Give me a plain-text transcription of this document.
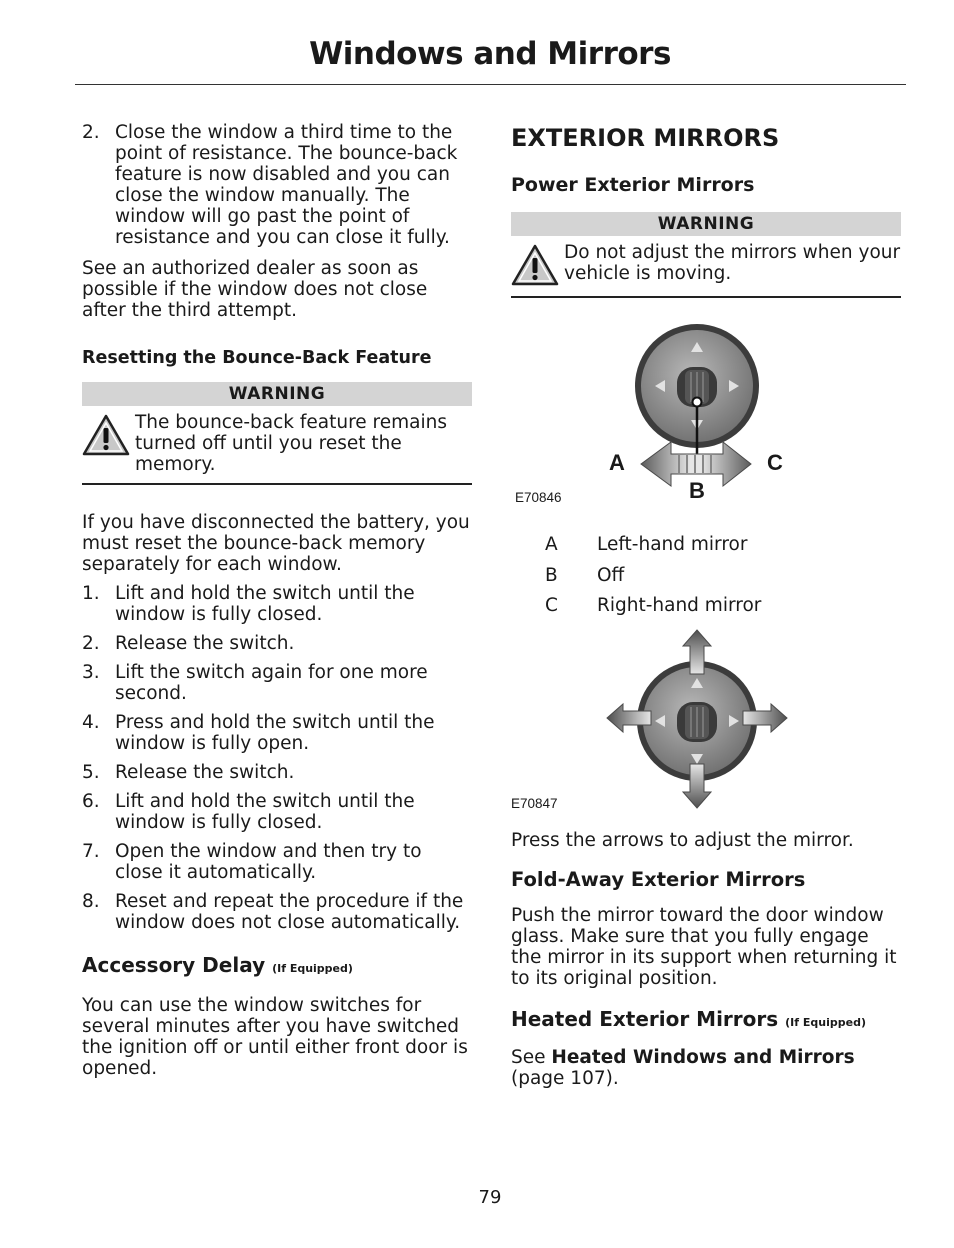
Windows and Mirrors
2. Close the window a third time to the point of resistance. The bounce-back feature is now disabled and you can close the window manually. The window will go past the point of resistance and you can close it fully.

See an authorized dealer as soon as possible if the window does not close after the third attempt.

Resetting the Bounce-Back Feature

WARNING
The bounce-back feature remains turned off until you reset the memory.

If you have disconnected the battery, you must reset the bounce-back memory separately for each window.

1. Lift and hold the switch until the window is fully closed.
2. Release the switch.
3. Lift the switch again for one more second.
4. Press and hold the switch until the window is fully open.
5. Release the switch.
6. Lift and hold the switch until the window is fully closed.
7. Open the window and then try to close it automatically.
8. Reset and repeat the procedure if the window does not close automatically.

Accessory Delay (If Equipped)

You can use the window switches for several minutes after you have switched the ignition off or until either front door is opened.

EXTERIOR MIRRORS

Power Exterior Mirrors

WARNING
Do not adjust the mirrors when your vehicle is moving.
A	C
B
E70846
A Left-hand mirror
B Off
C Right-hand mirror
E70847

Press the arrows to adjust the mirror.

Fold-Away Exterior Mirrors

Push the mirror toward the door window glass. Make sure that you fully engage the mirror in its support when returning it to its original position.

Heated Exterior Mirrors (If Equipped)

See Heated Windows and Mirrors (page 107).

79
